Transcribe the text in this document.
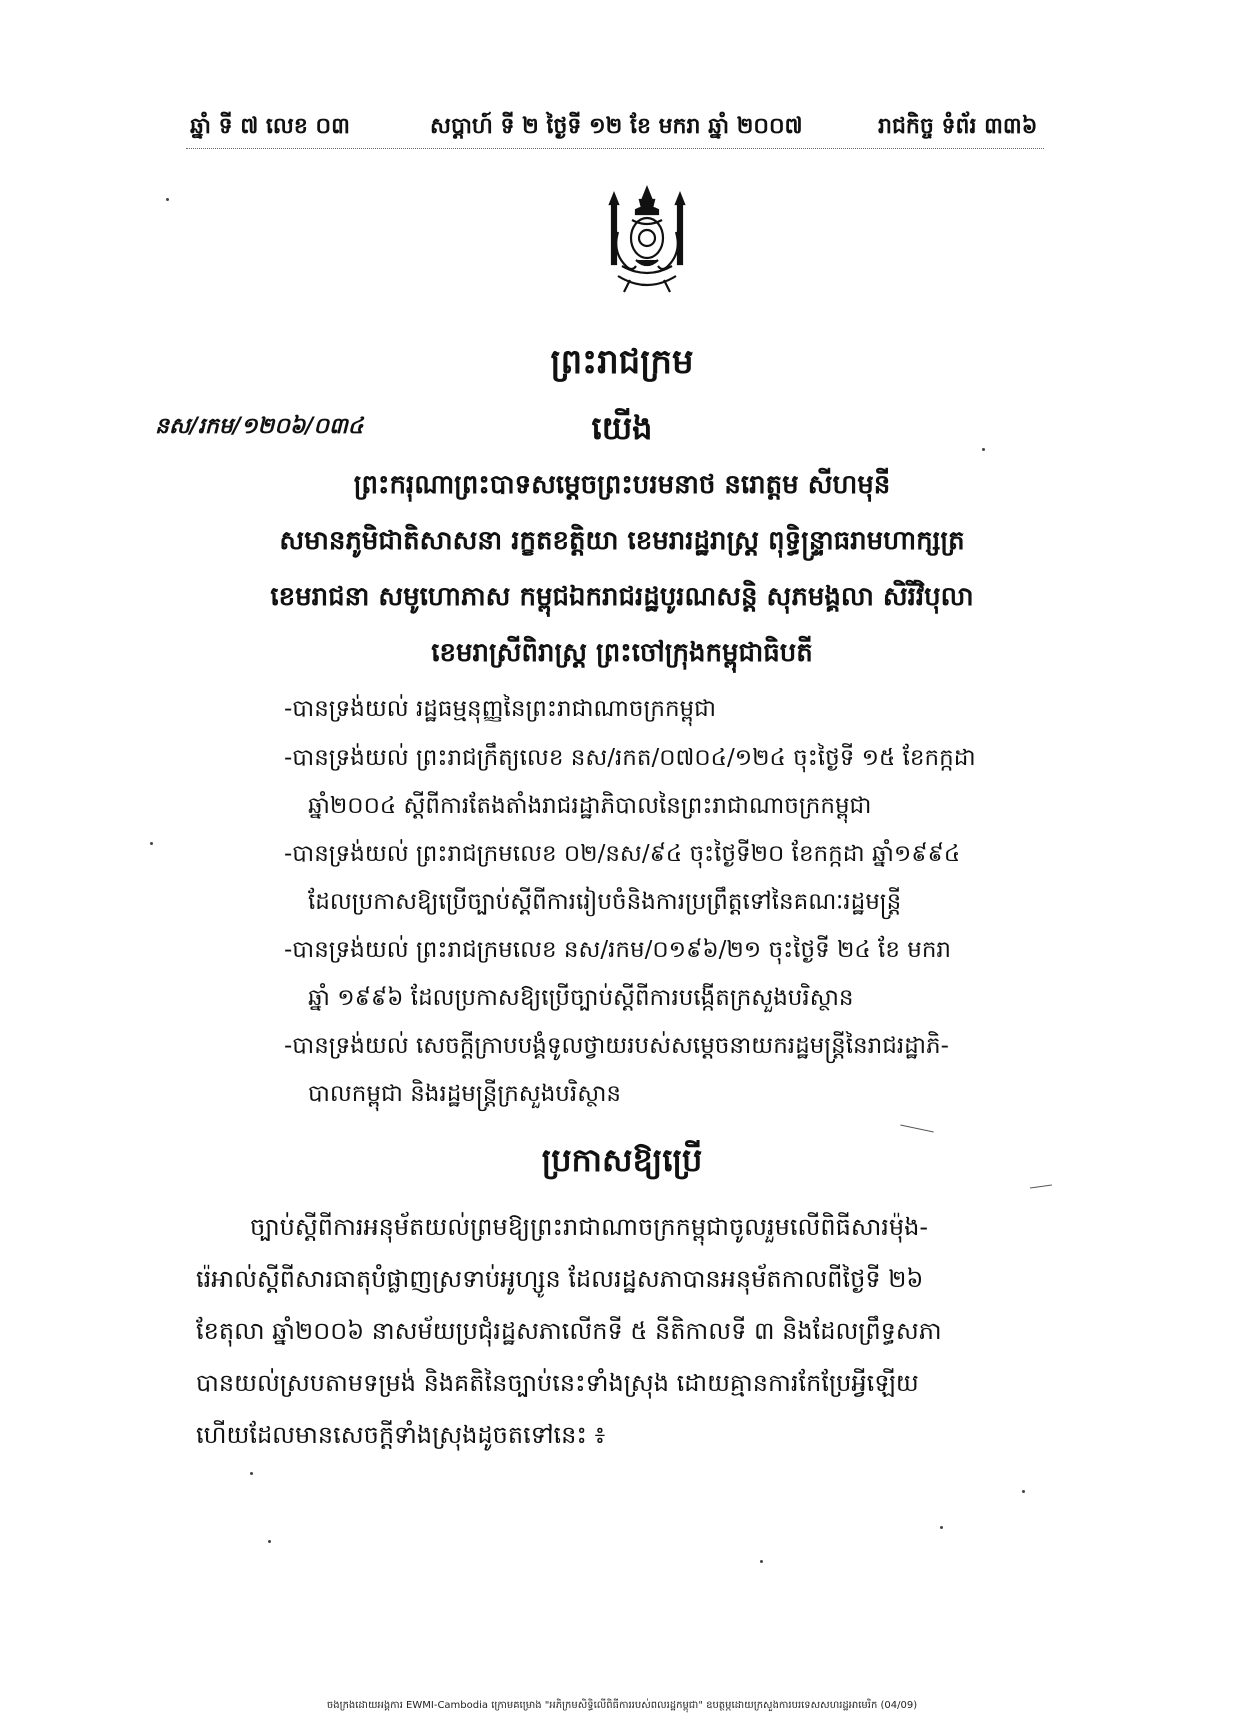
ឆ្នាំ ទី ៧ លេខ ០៣	សប្ដាហ៍ ទី ២ ថ្ងៃទី ១២ ខែ មករា ឆ្នាំ ២០០៧	រាជកិច្ច ទំព័រ ៣៣៦
ព្រះរាជក្រម
នស/រកម/១២០៦/០៣៤	យើង
ព្រះករុណាព្រះបាទសម្ដេចព្រះបរមនាថ នរោត្ដម សីហមុនី
សមានភូមិជាតិសាសនា រក្ខតខត្តិយា ខេមរារដ្ឋរាស្ដ្រ ពុទ្ធិន្ទ្រាធរាមហាក្សត្រ
ខេមរាជនា សមូហោភាស កម្ពុជឯករាជរដ្ឋបូរណសន្តិ សុភមង្គលា សិរីវិបុលា
ខេមរាស្រីពិរាស្ដ្រ ព្រះចៅក្រុងកម្ពុជាធិបតី
-បានទ្រង់យល់ រដ្ឋធម្មនុញ្ញនៃព្រះរាជាណាចក្រកម្ពុជា
-បានទ្រង់យល់ ព្រះរាជក្រឹត្យលេខ នស/រកត/០៧០៤/១២៤ ចុះថ្ងៃទី ១៥ ខែកក្កដា
ឆ្នាំ២០០៤ ស្ដីពីការតែងតាំងរាជរដ្ឋាភិបាលនៃព្រះរាជាណាចក្រកម្ពុជា
-បានទ្រង់យល់ ព្រះរាជក្រមលេខ ០២/នស/៩៤ ចុះថ្ងៃទី២០ ខែកក្កដា ឆ្នាំ១៩៩៤
ដែលប្រកាសឱ្យប្រើច្បាប់ស្ដីពីការរៀបចំនិងការប្រព្រឹត្តទៅនៃគណៈរដ្ឋមន្ត្រី
-បានទ្រង់យល់ ព្រះរាជក្រមលេខ នស/រកម/០១៩៦/២១ ចុះថ្ងៃទី ២៤ ខែ មករា
ឆ្នាំ ១៩៩៦ ដែលប្រកាសឱ្យប្រើច្បាប់ស្ដីពីការបង្កើតក្រសួងបរិស្ថាន
-បានទ្រង់យល់ សេចក្ដីក្រាបបង្គំទូលថ្វាយរបស់សម្ដេចនាយករដ្ឋមន្ត្រីនៃរាជរដ្ឋាភិ-
បាលកម្ពុជា និងរដ្ឋមន្ត្រីក្រសួងបរិស្ថាន
ប្រកាសឱ្យប្រើ
ច្បាប់ស្ដីពីការអនុម័តយល់ព្រមឱ្យព្រះរាជាណាចក្រកម្ពុជាចូលរួមលើពិធីសារម៉ុង-
រ៉េអាល់ស្ដីពីសារធាតុបំផ្លាញស្រទាប់អូហ្សូន ដែលរដ្ឋសភាបានអនុម័តកាលពីថ្ងៃទី ២៦
ខែតុលា ឆ្នាំ២០០៦ នាសម័យប្រជុំរដ្ឋសភាលើកទី ៥ នីតិកាលទី ៣ និងដែលព្រឹទ្ធសភា
បានយល់ស្របតាមទម្រង់ និងគតិនៃច្បាប់នេះទាំងស្រុង ដោយគ្មានការកែប្រែអ្វីឡើយ
ហើយដែលមានសេចក្ដីទាំងស្រុងដូចតទៅនេះ ៖
ចងក្រងដោយអង្គការ EWMI-Cambodia ក្រោមគម្រោង "អភិក្រមសិទ្ធិលើពិធីការរបស់ពលរដ្ឋកម្ពុជា" ឧបត្ថម្ភដោយក្រសួងការបរទេសសហរដ្ឋអាមេរិក (04/09)
